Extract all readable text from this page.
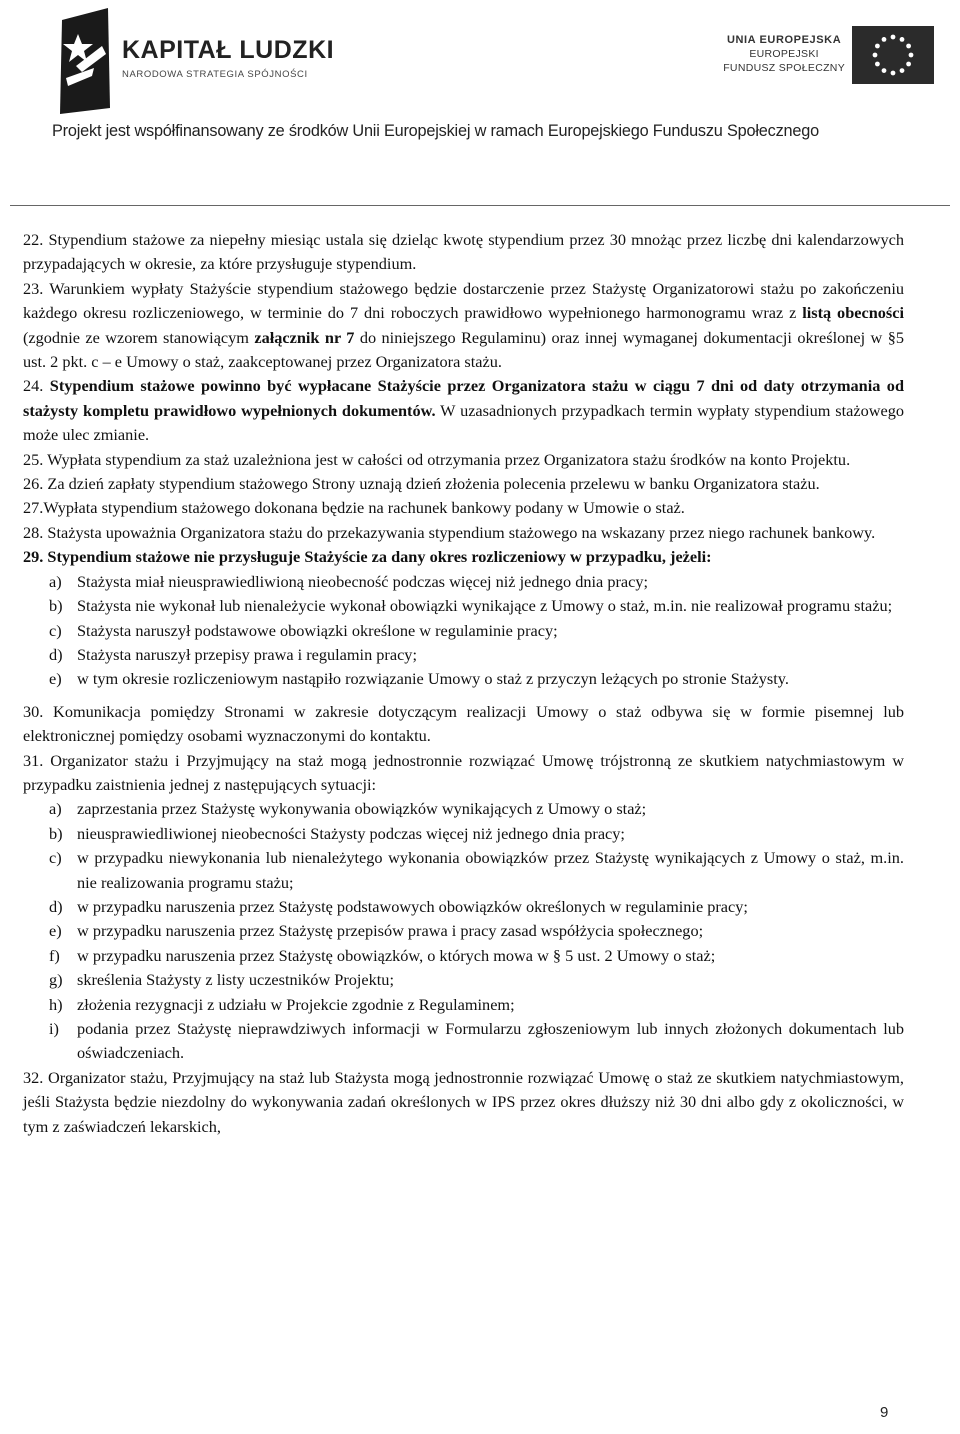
KAPITAŁ LUDZKI
NARODOWA STRATEGIA SPÓJNOŚCI
UNIA EUROPEJSKA
EUROPEJSKI
FUNDUSZ SPOŁECZNY
Projekt jest współfinansowany ze środków Unii Europejskiej w ramach Europejskiego Funduszu Społecznego

22. Stypendium stażowe za niepełny miesiąc ustala się dzieląc kwotę stypendium przez 30 mnożąc przez liczbę dni kalendarzowych przypadających w okresie, za które przysługuje stypendium.

23. Warunkiem wypłaty Stażyście stypendium stażowego będzie dostarczenie przez Stażystę Organizatorowi stażu po zakończeniu każdego okresu rozliczeniowego, w terminie do 7 dni roboczych prawidłowo wypełnionego harmonogramu wraz z listą obecności (zgodnie ze wzorem stanowiącym załącznik nr 7 do niniejszego Regulaminu) oraz innej wymaganej dokumentacji określonej w §5 ust. 2 pkt. c – e Umowy o staż, zaakceptowanej przez Organizatora stażu.

24. Stypendium stażowe powinno być wypłacane Stażyście przez Organizatora stażu w ciągu 7 dni od daty otrzymania od stażysty kompletu prawidłowo wypełnionych dokumentów. W uzasadnionych przypadkach termin wypłaty stypendium stażowego może ulec zmianie.

25. Wypłata stypendium za staż uzależniona jest w całości od otrzymania przez Organizatora stażu środków na konto Projektu.

26. Za dzień zapłaty stypendium stażowego Strony uznają dzień złożenia polecenia przelewu w banku Organizatora stażu.

27.Wypłata stypendium stażowego dokonana będzie na rachunek bankowy podany w Umowie o staż.

28. Stażysta upoważnia Organizatora stażu do przekazywania stypendium stażowego na wskazany przez niego rachunek bankowy.

29. Stypendium stażowe nie przysługuje Stażyście za dany okres rozliczeniowy w przypadku, jeżeli:

a) Stażysta miał nieusprawiedliwioną nieobecność podczas więcej niż jednego dnia pracy;
b) Stażysta nie wykonał lub nienależycie wykonał obowiązki wynikające z Umowy o staż, m.in. nie realizował programu stażu;
c) Stażysta naruszył podstawowe obowiązki określone w regulaminie pracy;
d) Stażysta naruszył przepisy prawa i regulamin pracy;
e) w tym okresie rozliczeniowym nastąpiło rozwiązanie Umowy o staż z przyczyn leżących po stronie Stażysty.

30. Komunikacja pomiędzy Stronami w zakresie dotyczącym realizacji Umowy o staż odbywa się w formie pisemnej lub elektronicznej pomiędzy osobami wyznaczonymi do kontaktu.

31. Organizator stażu i Przyjmujący na staż mogą jednostronnie rozwiązać Umowę trójstronną ze skutkiem natychmiastowym w przypadku zaistnienia jednej z następujących sytuacji:

a) zaprzestania przez Stażystę wykonywania obowiązków wynikających z Umowy o staż;
b) nieusprawiedliwionej nieobecności Stażysty podczas więcej niż jednego dnia pracy;
c) w przypadku niewykonania lub nienależytego wykonania obowiązków przez Stażystę wynikających z Umowy o staż, m.in. nie realizowania programu stażu;
d) w przypadku naruszenia przez Stażystę podstawowych obowiązków określonych w regulaminie pracy;
e) w przypadku naruszenia przez Stażystę przepisów prawa i pracy zasad współżycia społecznego;
f) w przypadku naruszenia przez Stażystę obowiązków, o których mowa w § 5 ust. 2 Umowy o staż;
g) skreślenia Stażysty z listy uczestników Projektu;
h) złożenia rezygnacji z udziału w Projekcie zgodnie z Regulaminem;
i) podania przez Stażystę nieprawdziwych informacji w Formularzu zgłoszeniowym lub innych złożonych dokumentach lub oświadczeniach.

32. Organizator stażu, Przyjmujący na staż lub Stażysta mogą jednostronnie rozwiązać Umowę o staż ze skutkiem natychmiastowym, jeśli Stażysta będzie niezdolny do wykonywania zadań określonych w IPS przez okres dłuższy niż 30 dni albo gdy z okoliczności, w tym z zaświadczeń lekarskich,

9
